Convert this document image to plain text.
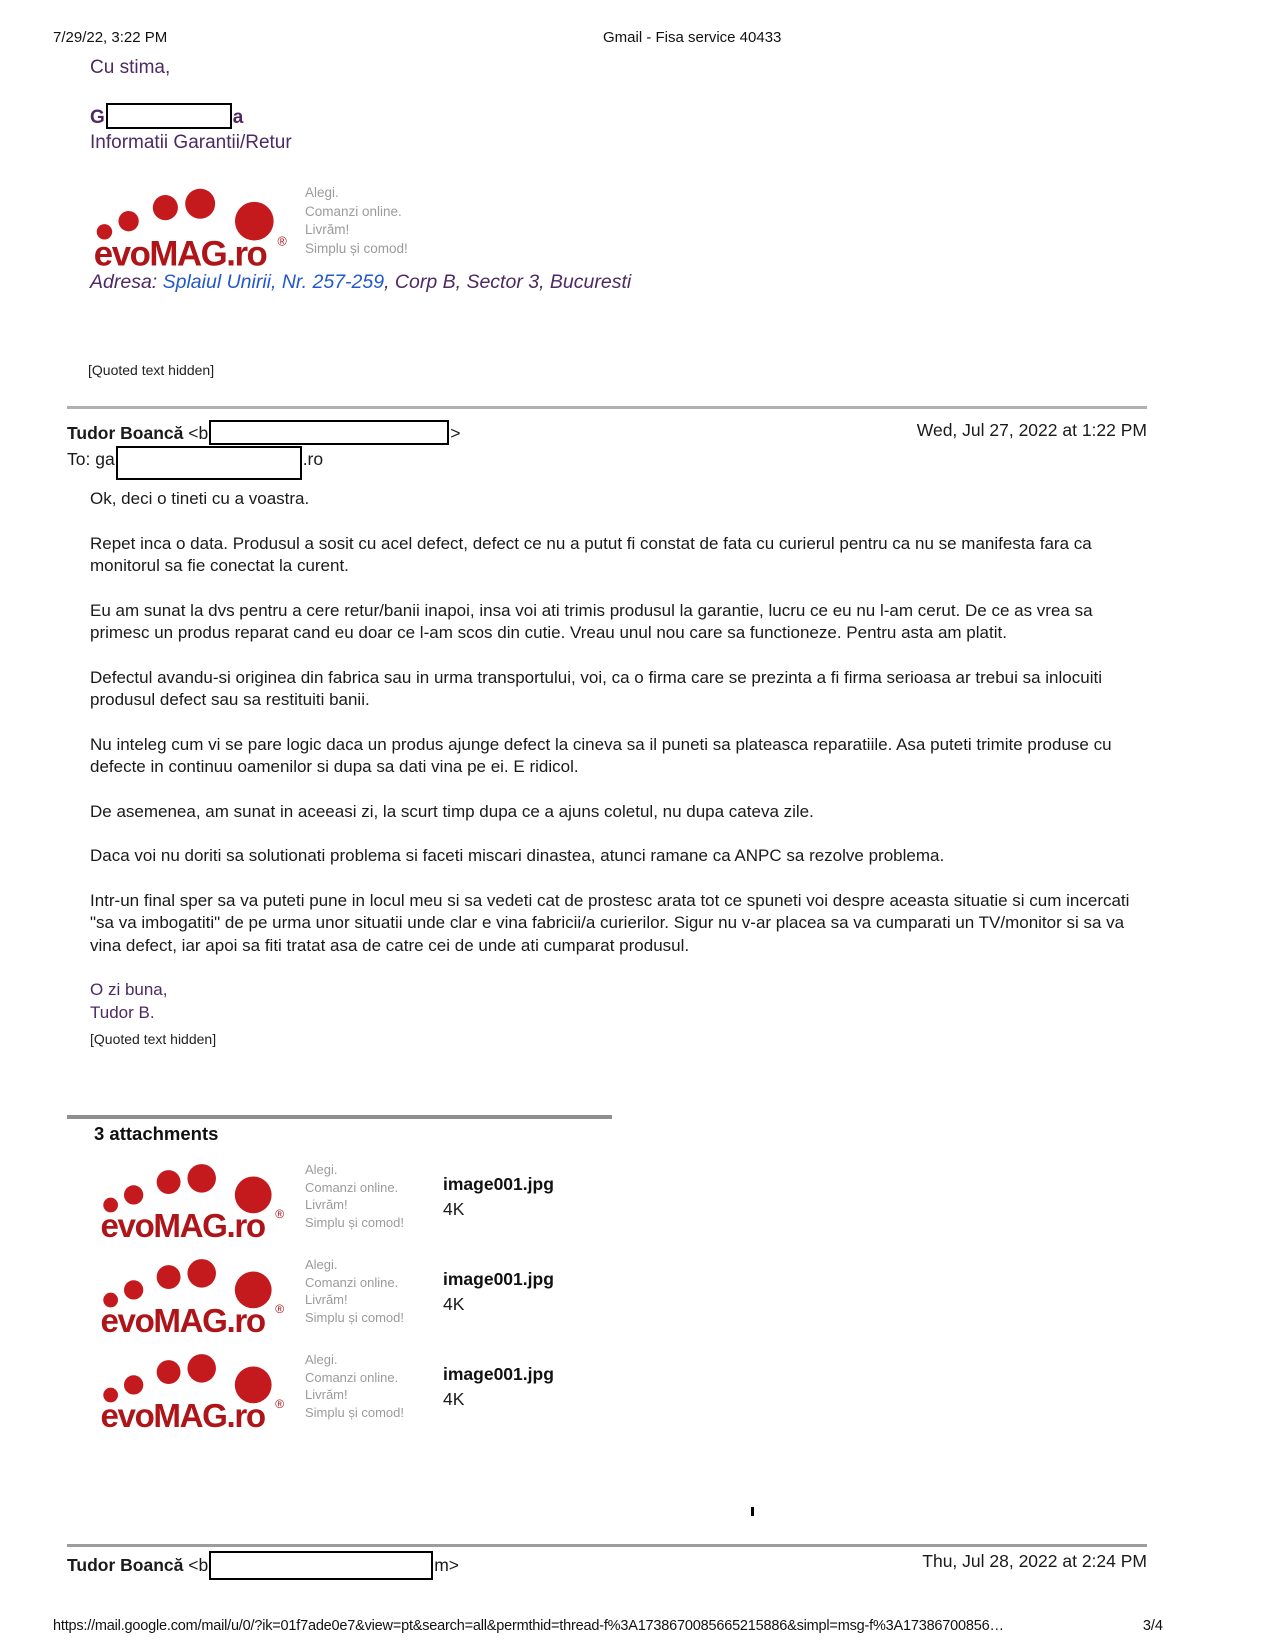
7/29/22, 3:22 PM	Gmail - Fisa service 40433
Cu stima,
G	a
Informatii Garantii/Retur
evoMAG.ro ®
Alegi.
Comanzi online.
Livrăm!
Simplu și comod!
Adresa: Splaiul Unirii, Nr. 257-259, Corp B, Sector 3, Bucuresti
[Quoted text hidden]
Tudor Boancă <b	>	Wed, Jul 27, 2022 at 1:22 PM
To: ga	.ro

Ok, deci o tineti cu a voastra.

Repet inca o data. Produsul a sosit cu acel defect, defect ce nu a putut fi constat de fata cu curierul pentru ca nu se manifesta fara ca monitorul sa fie conectat la curent.

Eu am sunat la dvs pentru a cere retur/banii inapoi, insa voi ati trimis produsul la garantie, lucru ce eu nu l-am cerut. De ce as vrea sa primesc un produs reparat cand eu doar ce l-am scos din cutie. Vreau unul nou care sa functioneze. Pentru asta am platit.

Defectul avandu-si originea din fabrica sau in urma transportului, voi, ca o firma care se prezinta a fi firma serioasa ar trebui sa inlocuiti produsul defect sau sa restituiti banii.

Nu inteleg cum vi se pare logic daca un produs ajunge defect la cineva sa il puneti sa plateasca reparatiile. Asa puteti trimite produse cu defecte in continuu oamenilor si dupa sa dati vina pe ei. E ridicol.

De asemenea, am sunat in aceeasi zi, la scurt timp dupa ce a ajuns coletul, nu dupa cateva zile.

Daca voi nu doriti sa solutionati problema si faceti miscari dinastea, atunci ramane ca ANPC sa rezolve problema.

Intr-un final sper sa va puteti pune in locul meu si sa vedeti cat de prostesc arata tot ce spuneti voi despre aceasta situatie si cum incercati "sa va imbogatiti" de pe urma unor situatii unde clar e vina fabricii/a curierilor. Sigur nu v-ar placea sa va cumparati un TV/monitor si sa va vina defect, iar apoi sa fiti tratat asa de catre cei de unde ati cumparat produsul.

O zi buna,

Tudor B.

[Quoted text hidden]
3 attachments
evoMAG.ro ®
Alegi.
Comanzi online.
Livrăm!
Simplu și comod!
image001.jpg
4K
evoMAG.ro ®
Alegi.
Comanzi online.
Livrăm!
Simplu și comod!
image001.jpg
4K
evoMAG.ro ®
Alegi.
Comanzi online.
Livrăm!
Simplu și comod!
image001.jpg
4K
Tudor Boancă <b	m>	Thu, Jul 28, 2022 at 2:24 PM
https://mail.google.com/mail/u/0/?ik=01f7ade0e7&view=pt&search=all&permthid=thread-f%3A1738670085665215886&simpl=msg-f%3A17386700856…	3/4
